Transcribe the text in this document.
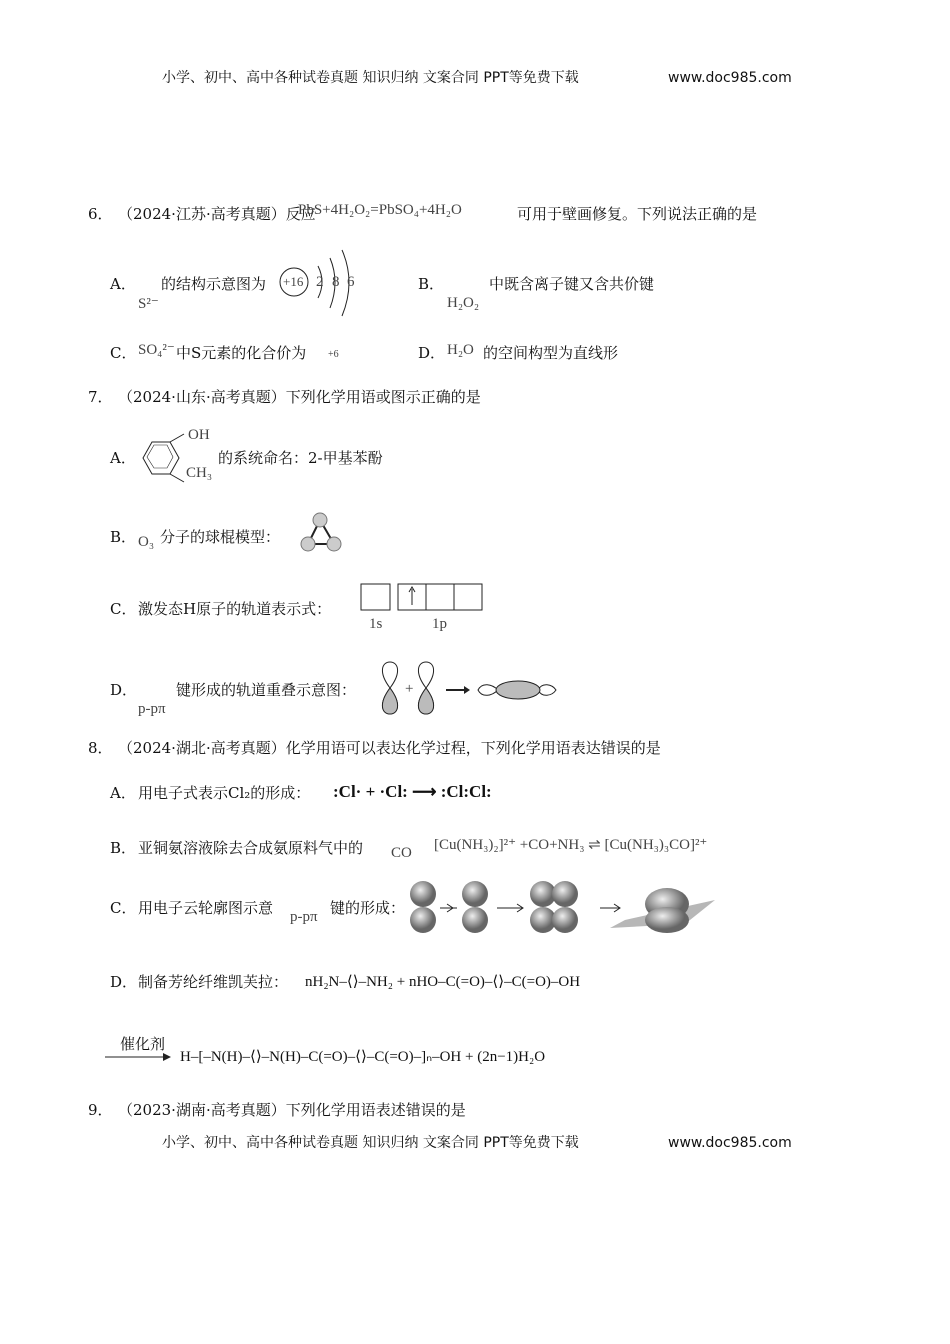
小学、初中、高中各种试卷真题 知识归纳 文案合同 PPT等免费下载	www.doc985.com
6． （2024·江苏·高考真题）反应
PbS+4H₂O₂=PbSO₄+4H₂O	可用于壁画修复。下列说法正确的是
A．
S²⁻
的结构示意图为 +16 2 8 6	B．
H₂O₂
中既含离子键又含共价键
C． SO₄²⁻ 中S元素的化合价为 +6	D． H₂O 的空间构型为直线形
7． （2024·山东·高考真题）下列化学用语或图示正确的是
A．
OH
CH₃
的系统命名：2-甲基苯酚
B． O₃ 分子的球棍模型：
C． 激发态H原子的轨道表示式：
1s	1p
D．
p-pπ
键形成的轨道重叠示意图：	+
8． （2024·湖北·高考真题）化学用语可以表达化学过程，下列化学用语表达错误的是
A． 用电子式表示Cl₂的形成： :Cl· + ·Cl: ⟶ :Cl:Cl:
B． 亚铜氨溶液除去合成氨原料气中的 CO [Cu(NH₃)₂]²⁺ +CO+NH₃ ⇌ [Cu(NH₃)₃CO]²⁺
C． 用电子云轮廓图示意 p-pπ 键的形成：
D． 制备芳纶纤维凯芙拉： nH₂N–⟨⟩–NH₂ + nHO–C(=O)–⟨⟩–C(=O)–OH
催化剂
H–[–N(H)–⟨⟩–N(H)–C(=O)–⟨⟩–C(=O)–]ₙ–OH + (2n−1)H₂O
9． （2023·湖南·高考真题）下列化学用语表述错误的是
小学、初中、高中各种试卷真题 知识归纳 文案合同 PPT等免费下载	www.doc985.com
